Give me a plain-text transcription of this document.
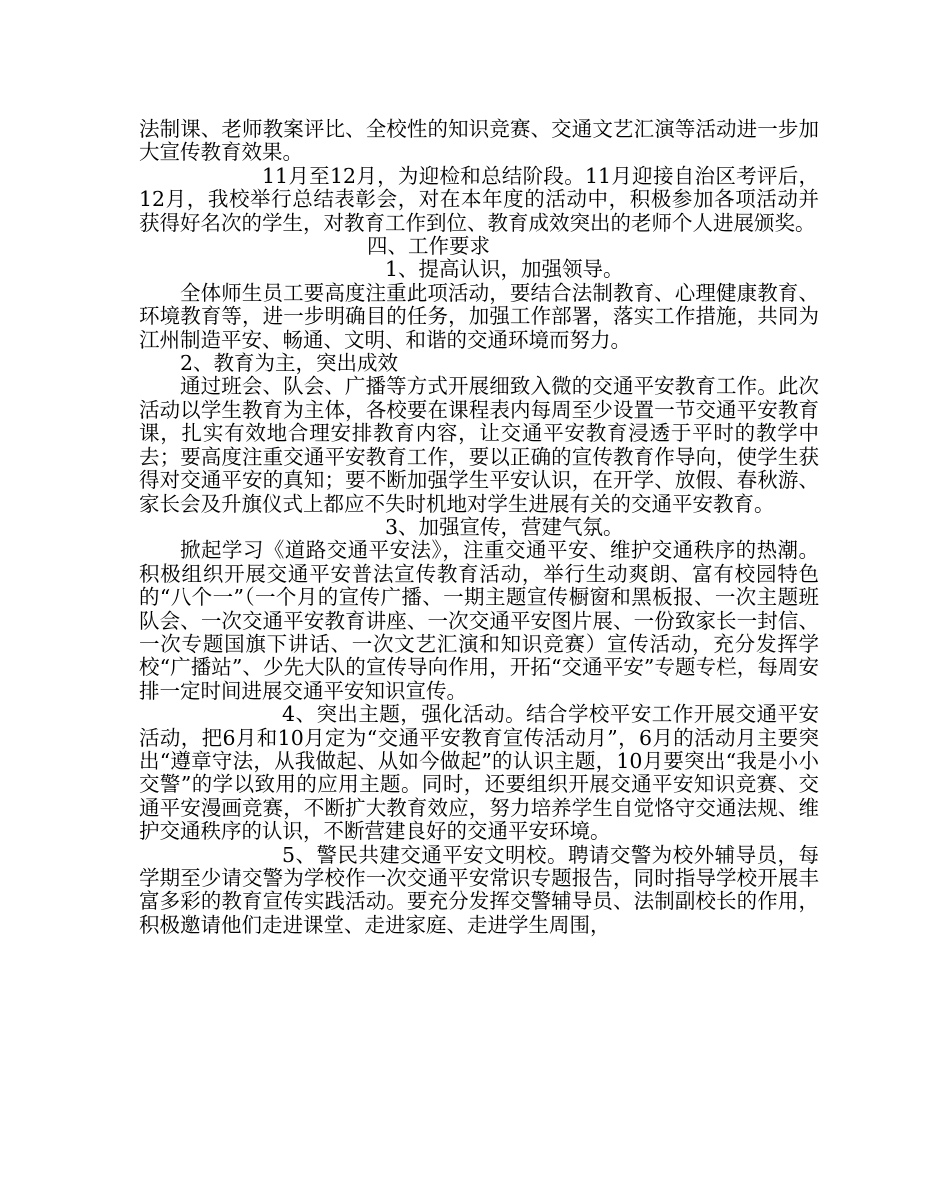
法制课、老师教案评比、全校性的知识竞赛、交通文艺汇演等活动进一步加大宣传教育效果。

11月至12月，为迎检和总结阶段。11月迎接自治区考评后，12月，我校举行总结表彰会，对在本年度的活动中，积极参加各项活动并获得好名次的学生，对教育工作到位、教育成效突出的老师个人进展颁奖。

四、工作要求

1、提高认识，加强领导。

全体师生员工要高度注重此项活动，要结合法制教育、心理健康教育、环境教育等，进一步明确目的任务，加强工作部署，落实工作措施，共同为江州制造平安、畅通、文明、和谐的交通环境而努力。

2、教育为主，突出成效

通过班会、队会、广播等方式开展细致入微的交通平安教育工作。此次活动以学生教育为主体，各校要在课程表内每周至少设置一节交通平安教育课，扎实有效地合理安排教育内容，让交通平安教育浸透于平时的教学中去；要高度注重交通平安教育工作，要以正确的宣传教育作导向，使学生获得对交通平安的真知；要不断加强学生平安认识，在开学、放假、春秋游、家长会及升旗仪式上都应不失时机地对学生进展有关的交通平安教育。

3、加强宣传，营建气氛。

掀起学习《道路交通平安法》，注重交通平安、维护交通秩序的热潮。积极组织开展交通平安普法宣传教育活动，举行生动爽朗、富有校园特色的“八个一”（一个月的宣传广播、一期主题宣传橱窗和黑板报、一次主题班队会、一次交通平安教育讲座、一次交通平安图片展、一份致家长一封信、一次专题国旗下讲话、一次文艺汇演和知识竞赛）宣传活动，充分发挥学校“广播站”、少先大队的宣传导向作用，开拓“交通平安”专题专栏，每周安排一定时间进展交通平安知识宣传。

4、突出主题，强化活动。结合学校平安工作开展交通平安活动，把6月和10月定为“交通平安教育宣传活动月”，6月的活动月主要突出“遵章守法，从我做起、从如今做起”的认识主题，10月要突出“我是小小交警”的学以致用的应用主题。同时，还要组织开展交通平安知识竞赛、交通平安漫画竞赛，不断扩大教育效应，努力培养学生自觉恪守交通法规、维护交通秩序的认识，不断营建良好的交通平安环境。

5、警民共建交通平安文明校。聘请交警为校外辅导员，每学期至少请交警为学校作一次交通平安常识专题报告，同时指导学校开展丰富多彩的教育宣传实践活动。要充分发挥交警辅导员、法制副校长的作用，积极邀请他们走进课堂、走进家庭、走进学生周围，
